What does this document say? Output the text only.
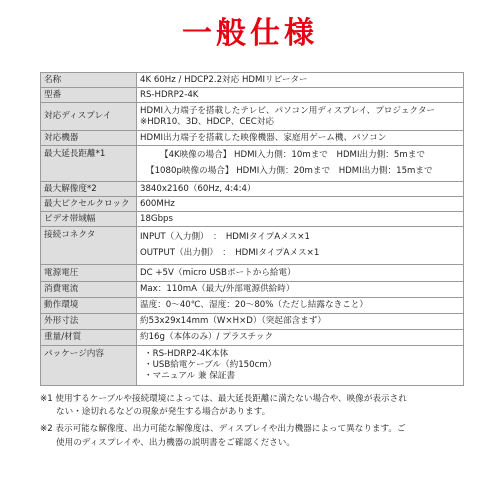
一般仕様
名称	4K 60Hz / HDCP2.2対応 HDMIリピーター

型番	RS-HDRP2-4K

対応ディスプレイ	HDMI入力端子を搭載したテレビ、パソコン用ディスプレイ、プロジェクター
※HDR10、3D、HDCP、CEC対応

対応機器	HDMI出力端子を搭載した映像機器、家庭用ゲーム機、パソコン

最大延長距離*1	【4K映像の場合】 HDMI入力側：10mまで　HDMI出力側：5mまで
【1080p映像の場合】 HDMI入力側：20mまで　HDMI出力側：15mまで

最大解像度*2	3840x2160（60Hz, 4:4:4）

最大ピクセルクロック	600MHz

ビデオ帯域幅	18Gbps

接続コネクタ	INPUT（入力側）　：　HDMIタイプAメス×1
OUTPUT（出力側）　：　HDMIタイプAメス×1

電源電圧	DC +5V（micro USBポートから給電）

消費電流	Max：110mA（最大/外部電源供給時）

動作環境	温度：0～40℃、湿度：20～80%（ただし結露なきこと）

外形寸法	約53x29x14mm（W×H×D）（突起部含まず）

重量/材質	約16g（本体のみ）/ プラスチック

パッケージ内容	・RS-HDRP2-4K本体
・USB給電ケーブル（約150cm）
・マニュアル 兼 保証書
※1 使用するケーブルや接続環境によっては、最大延長距離に満たない場合や、映像が表示され
ない・途切れるなどの現象が発生する場合があります。
※2 表示可能な解像度、出力可能な解像度は、ディスプレイや出力機器によって異なります。ご
使用のディスプレイや、出力機器の説明書をご確認ください。
